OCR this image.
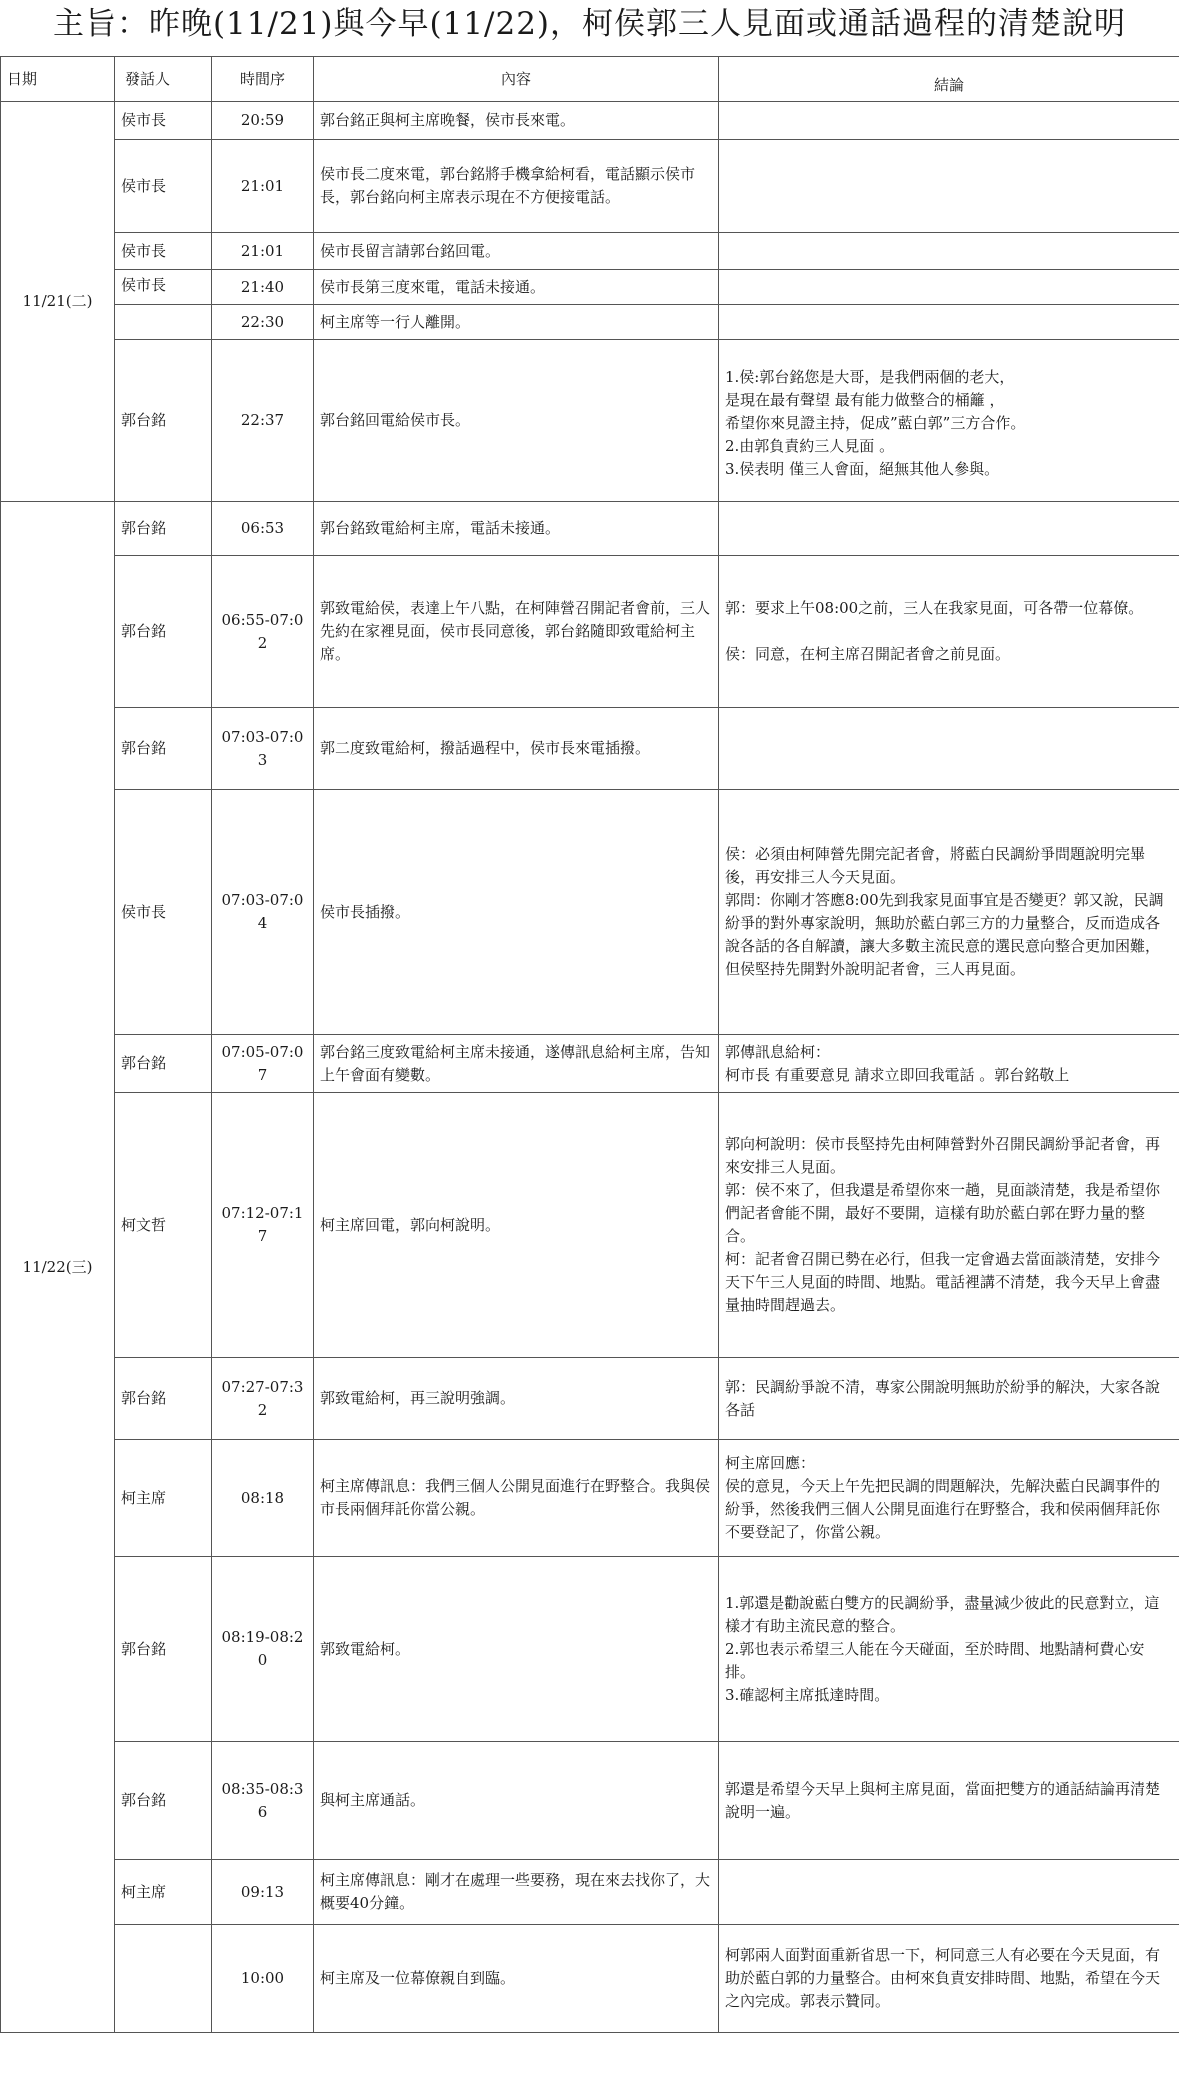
主旨：昨晚(11/21)與今早(11/22)，柯侯郭三人見面或通話過程的清楚說明
日期	發話人	時間序	內容	結論
11/21(二)	侯市長	20:59	郭台銘正與柯主席晚餐，侯市長來電。	
	侯市長	21:01	侯市長二度來電，郭台銘將手機拿給柯看，電話顯示侯市長，郭台銘向柯主席表示現在不方便接電話。	
	侯市長	21:01	侯市長留言請郭台銘回電。	
	侯市長	21:40	侯市長第三度來電，電話未接通。	
		22:30	柯主席等一行人離開。	
	郭台銘	22:37	郭台銘回電給侯市長。	1.侯:郭台銘您是大哥，是我們兩個的老大，
是現在最有聲望 最有能力做整合的桶籬 ，
希望你來見證主持，促成”藍白郭”三方合作。
2.由郭負責約三人見面 。
3.侯表明 僅三人會面，絕無其他人參與。
11/22(三)	郭台銘	06:53	郭台銘致電給柯主席，電話未接通。	
	郭台銘	06:55-07:02	郭致電給侯，表達上午八點，在柯陣營召開記者會前，三人先約在家裡見面，侯市長同意後，郭台銘隨即致電給柯主席。	郭：要求上午08:00之前，三人在我家見面，可各帶一位幕僚。

侯：同意，在柯主席召開記者會之前見面。
	郭台銘	07:03-07:03	郭二度致電給柯，撥話過程中，侯市長來電插撥。	
	侯市長	07:03-07:04	侯市長插撥。	侯：必須由柯陣營先開完記者會，將藍白民調紛爭問題說明完畢後，再安排三人今天見面。
郭問：你剛才答應8:00先到我家見面事宜是否變更？郭又說，民調紛爭的對外專家說明，無助於藍白郭三方的力量整合，反而造成各說各話的各自解讀，讓大多數主流民意的選民意向整合更加困難，但侯堅持先開對外說明記者會，三人再見面。
	郭台銘	07:05-07:07	郭台銘三度致電給柯主席未接通，遂傳訊息給柯主席，告知上午會面有變數。	郭傳訊息給柯：
柯市長 有重要意見 請求立即回我電話 。郭台銘敬上
	柯文哲	07:12-07:17	柯主席回電，郭向柯說明。	郭向柯說明：侯市長堅持先由柯陣營對外召開民調紛爭記者會，再來安排三人見面。
郭：侯不來了，但我還是希望你來一趟，見面談清楚，我是希望你們記者會能不開，最好不要開，這樣有助於藍白郭在野力量的整合。
柯：記者會召開已勢在必行，但我一定會過去當面談清楚，安排今天下午三人見面的時間、地點。電話裡講不清楚，我今天早上會盡量抽時間趕過去。
	郭台銘	07:27-07:32	郭致電給柯，再三說明強調。	郭：民調紛爭說不清，專家公開說明無助於紛爭的解決，大家各說各話
	柯主席	08:18	柯主席傳訊息：我們三個人公開見面進行在野整合。我與侯市長兩個拜託你當公親。	柯主席回應：
侯的意見，今天上午先把民調的問題解決，先解決藍白民調事件的紛爭，然後我們三個人公開見面進行在野整合，我和侯兩個拜託你不要登記了，你當公親。
	郭台銘	08:19-08:20	郭致電給柯。	1.郭還是勸說藍白雙方的民調紛爭，盡量減少彼此的民意對立，這樣才有助主流民意的整合。
2.郭也表示希望三人能在今天碰面，至於時間、地點請柯費心安排。
3.確認柯主席抵達時間。
	郭台銘	08:35-08:36	與柯主席通話。	郭還是希望今天早上與柯主席見面，當面把雙方的通話結論再清楚說明一遍。
	柯主席	09:13	柯主席傳訊息：剛才在處理一些要務，現在來去找你了，大概要40分鐘。	
		10:00	柯主席及一位幕僚親自到臨。	柯郭兩人面對面重新省思一下，柯同意三人有必要在今天見面，有助於藍白郭的力量整合。由柯來負責安排時間、地點，希望在今天之內完成。郭表示贊同。
